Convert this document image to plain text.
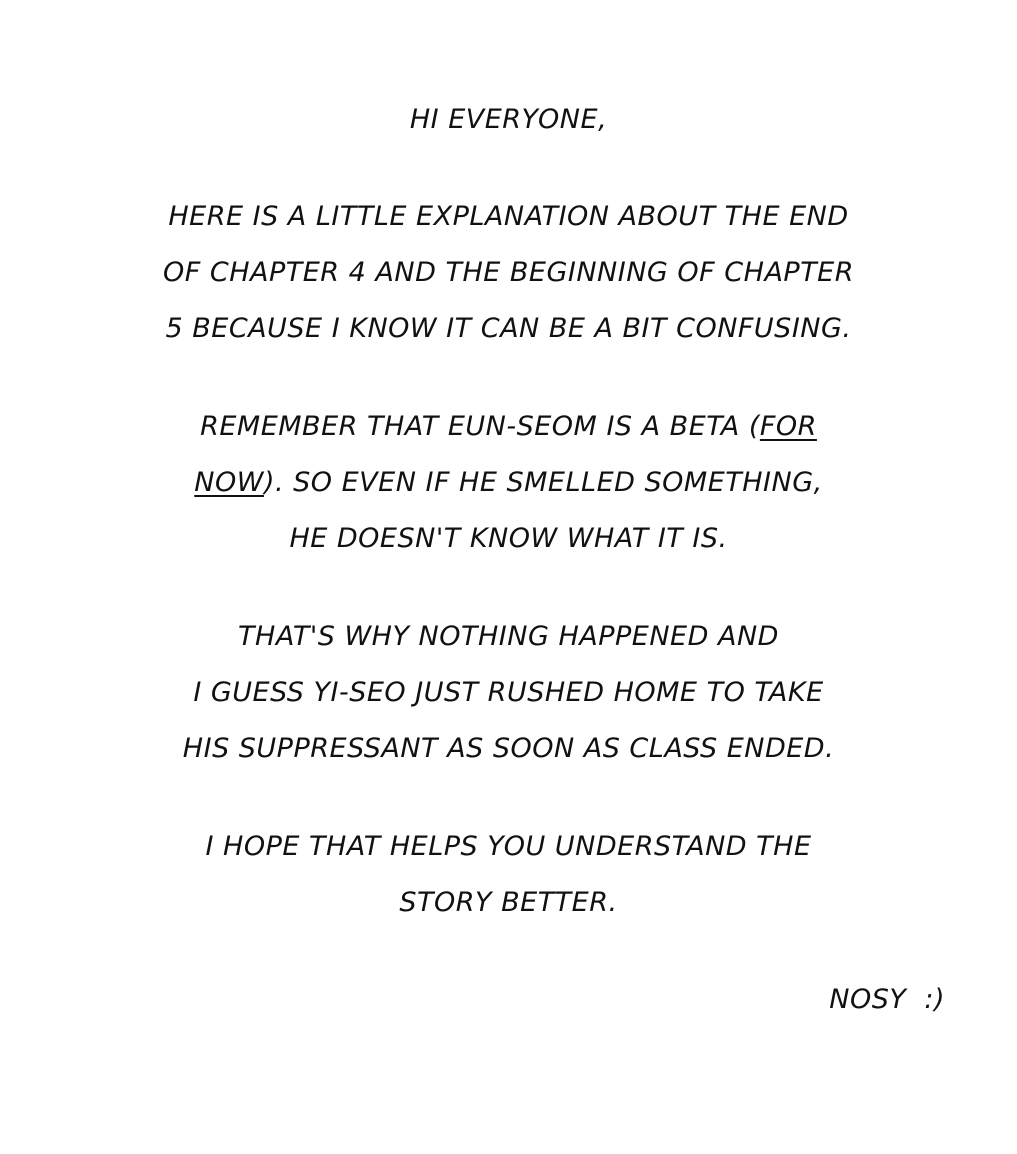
HI EVERYONE,
HERE IS A LITTLE EXPLANATION ABOUT THE END
OF CHAPTER 4 AND THE BEGINNING OF CHAPTER
5 BECAUSE I KNOW IT CAN BE A BIT CONFUSING.
REMEMBER THAT EUN-SEOM IS A BETA (FOR
NOW). SO EVEN IF HE SMELLED SOMETHING,
HE DOESN'T KNOW WHAT IT IS.
THAT'S WHY NOTHING HAPPENED AND
I GUESS YI-SEO JUST RUSHED HOME TO TAKE
HIS SUPPRESSANT AS SOON AS CLASS ENDED.
I HOPE THAT HELPS YOU UNDERSTAND THE
STORY BETTER.
NOSY :)
